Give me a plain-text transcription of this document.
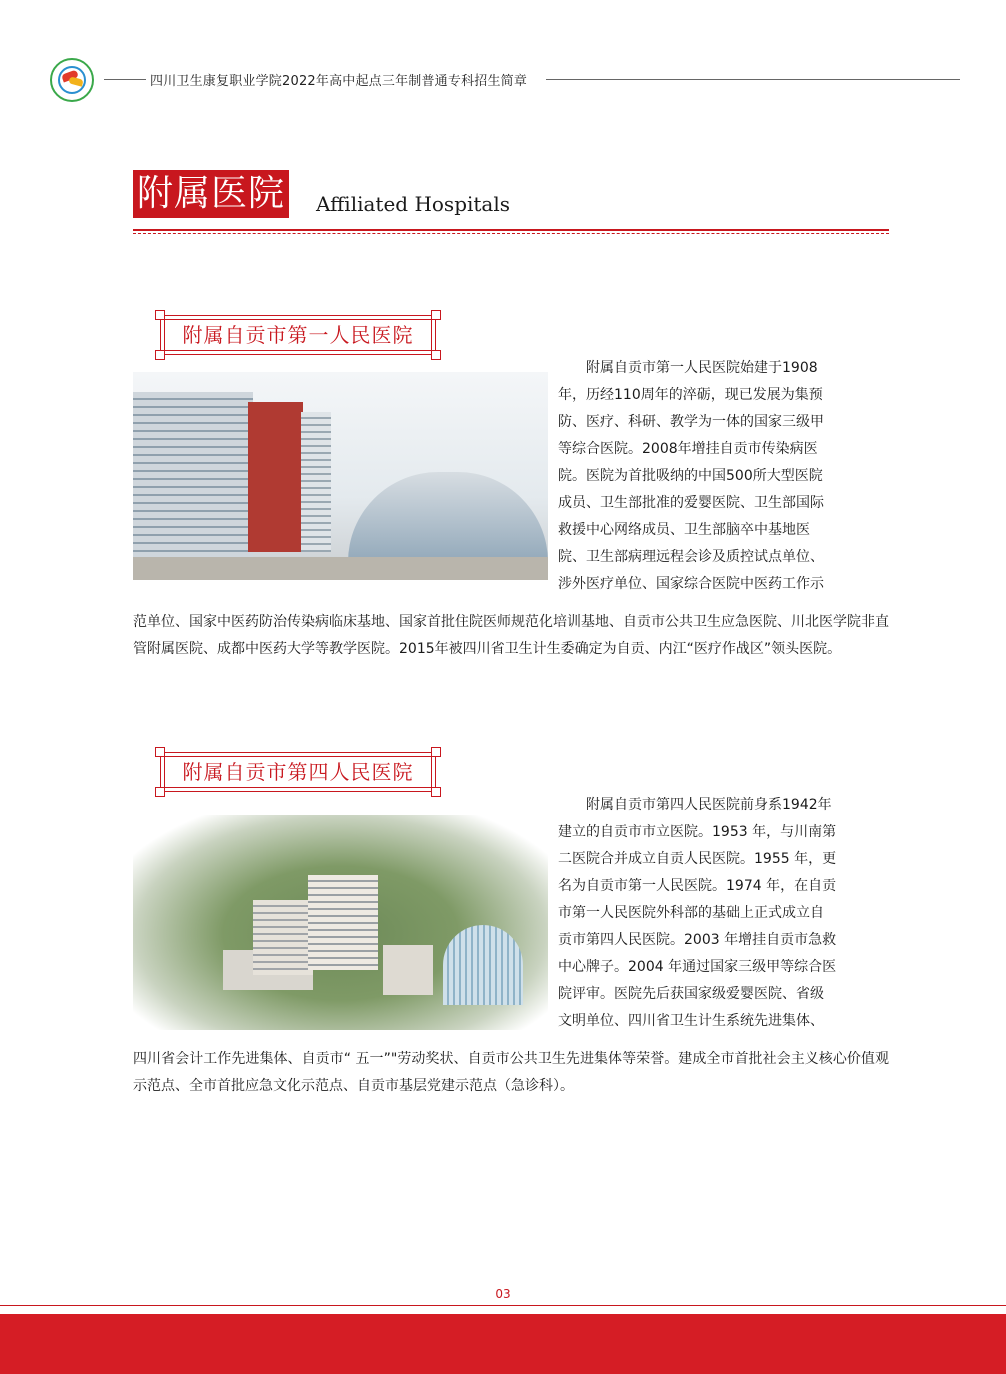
四川卫生康复职业学院2022年高中起点三年制普通专科招生简章
附属医院 Affiliated Hospitals
附属自贡市第一人民医院
附属自贡市第一人民医院始建于1908
年，历经110周年的淬砺，现已发展为集预
防、医疗、科研、教学为一体的国家三级甲
等综合医院。2008年增挂自贡市传染病医
院。医院为首批吸纳的中国500所大型医院
成员、卫生部批准的爱婴医院、卫生部国际
救援中心网络成员、卫生部脑卒中基地医
院、卫生部病理远程会诊及质控试点单位、
涉外医疗单位、国家综合医院中医药工作示
范单位、国家中医药防治传染病临床基地、国家首批住院医师规范化培训基地、自贡市公共卫生应急医院、川北医学院非直管附属医院、成都中医药大学等教学医院。2015年被四川省卫生计生委确定为自贡、内江“医疗作战区”领头医院。
附属自贡市第四人民医院
附属自贡市第四人民医院前身系1942年
建立的自贡市市立医院。1953 年，与川南第
二医院合并成立自贡人民医院。1955 年，更
名为自贡市第一人民医院。1974 年，在自贡
市第一人民医院外科部的基础上正式成立自
贡市第四人民医院。2003 年增挂自贡市急救
中心牌子。2004 年通过国家三级甲等综合医
院评审。医院先后获国家级爱婴医院、省级
文明单位、四川省卫生计生系统先进集体、
四川省会计工作先进集体、自贡市“ 五一”"劳动奖状、自贡市公共卫生先进集体等荣誉。建成全市首批社会主义核心价值观示范点、全市首批应急文化示范点、自贡市基层党建示范点（急诊科）。
03
